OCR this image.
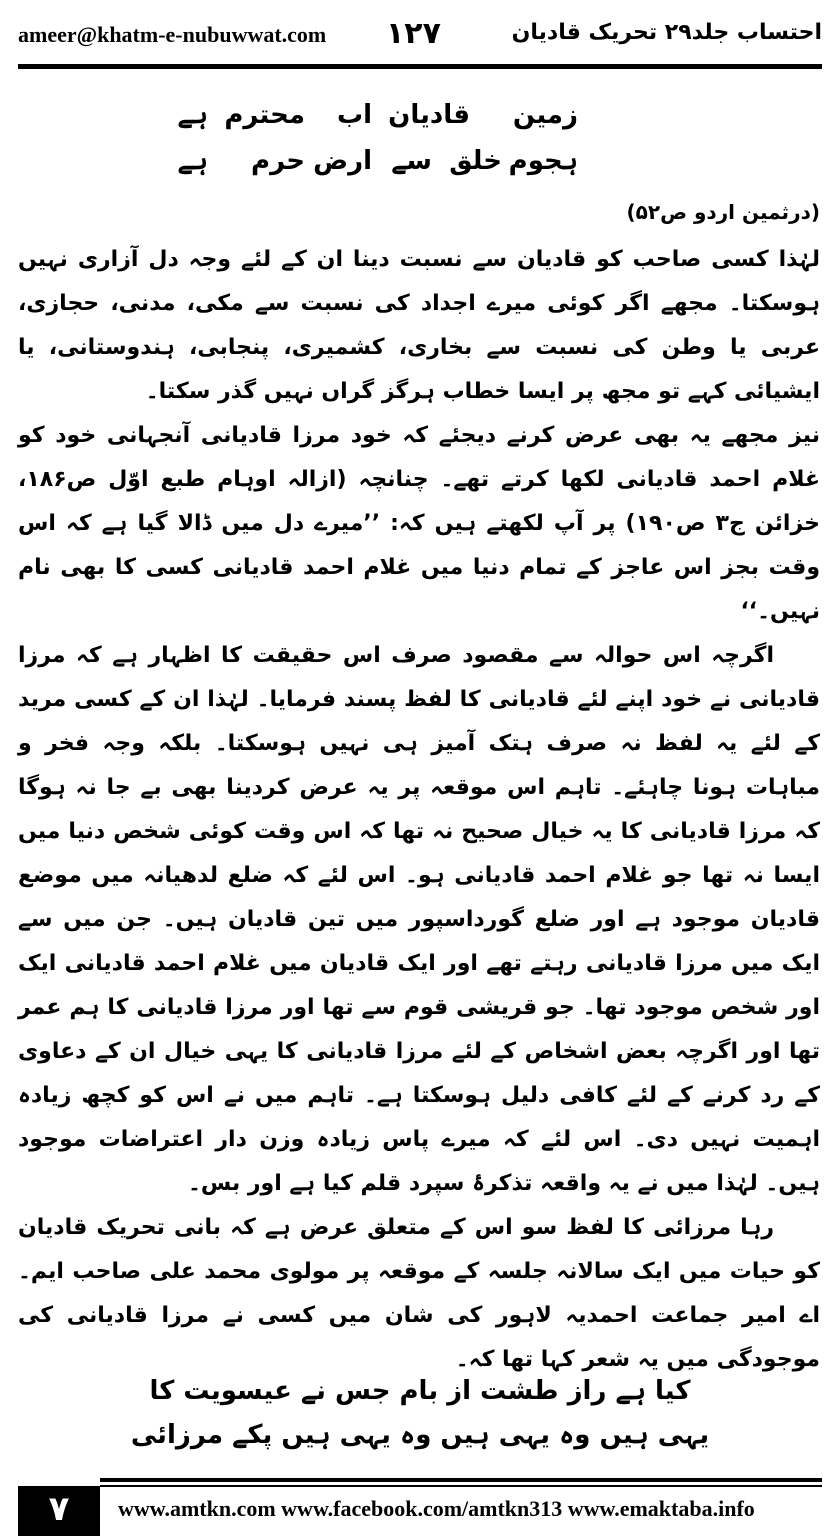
ameer@khatm-e-nubuwwat.com ۱۲۷	احتساب جلد۲۹ تحریک قادیان
زمین
قادیان
اب
محترم
ہے
ہجوم
خلق
سے
ارض
حرم
ہے
(درثمین اردو ص۵۲)

لہٰذا کسی صاحب کو قادیان سے نسبت دینا ان کے لئے وجہ دل آزاری نہیں ہوسکتا۔ مجھے اگر کوئی میرے اجداد کی نسبت سے مکی، مدنی، حجازی، عربی یا وطن کی نسبت سے بخاری، کشمیری، پنجابی، ہندوستانی، یا ایشیائی کہے تو مجھ پر ایسا خطاب ہرگز گراں نہیں گذر سکتا۔

نیز مجھے یہ بھی عرض کرنے دیجئے کہ خود مرزا قادیانی آنجہانی خود کو غلام احمد قادیانی لکھا کرتے تھے۔ چنانچہ (ازالہ اوہام طبع اوّل ص۱۸۶، خزائن ج۳ ص۱۹۰) پر آپ لکھتے ہیں کہ: ’’میرے دل میں ڈالا گیا ہے کہ اس وقت بجز اس عاجز کے تمام دنیا میں غلام احمد قادیانی کسی کا بھی نام نہیں۔‘‘

اگرچہ اس حوالہ سے مقصود صرف اس حقیقت کا اظہار ہے کہ مرزا قادیانی نے خود اپنے لئے قادیانی کا لفظ پسند فرمایا۔ لہٰذا ان کے کسی مرید کے لئے یہ لفظ نہ صرف ہتک آمیز ہی نہیں ہوسکتا۔ بلکہ وجہ فخر و مباہات ہونا چاہئے۔ تاہم اس موقعہ پر یہ عرض کردینا بھی بے جا نہ ہوگا کہ مرزا قادیانی کا یہ خیال صحیح نہ تھا کہ اس وقت کوئی شخص دنیا میں ایسا نہ تھا جو غلام احمد قادیانی ہو۔ اس لئے کہ ضلع لدھیانہ میں موضع قادیان موجود ہے اور ضلع گورداسپور میں تین قادیان ہیں۔ جن میں سے ایک میں مرزا قادیانی رہتے تھے اور ایک قادیان میں غلام احمد قادیانی ایک اور شخص موجود تھا۔ جو قریشی قوم سے تھا اور مرزا قادیانی کا ہم عمر تھا اور اگرچہ بعض اشخاص کے لئے مرزا قادیانی کا یہی خیال ان کے دعاوی کے رد کرنے کے لئے کافی دلیل ہوسکتا ہے۔ تاہم میں نے اس کو کچھ زیادہ اہمیت نہیں دی۔ اس لئے کہ میرے پاس زیادہ وزن دار اعتراضات موجود ہیں۔ لہٰذا میں نے یہ واقعہ تذکرۂ سپرد قلم کیا ہے اور بس۔

رہا مرزائی کا لفظ سو اس کے متعلق عرض ہے کہ بانی تحریک قادیان کو حیات میں ایک سالانہ جلسہ کے موقعہ پر مولوی محمد علی صاحب ایم۔اے امیر جماعت احمدیہ لاہور کی شان میں کسی نے مرزا قادیانی کی موجودگی میں یہ شعر کہا تھا کہ۔

کیا ہے راز طشت از بام جس نے عیسویت کا
یہی ہیں وہ یہی ہیں وہ یہی ہیں پکے مرزائی
۷	www.amtkn.com www.facebook.com/amtkn313 www.emaktaba.info
